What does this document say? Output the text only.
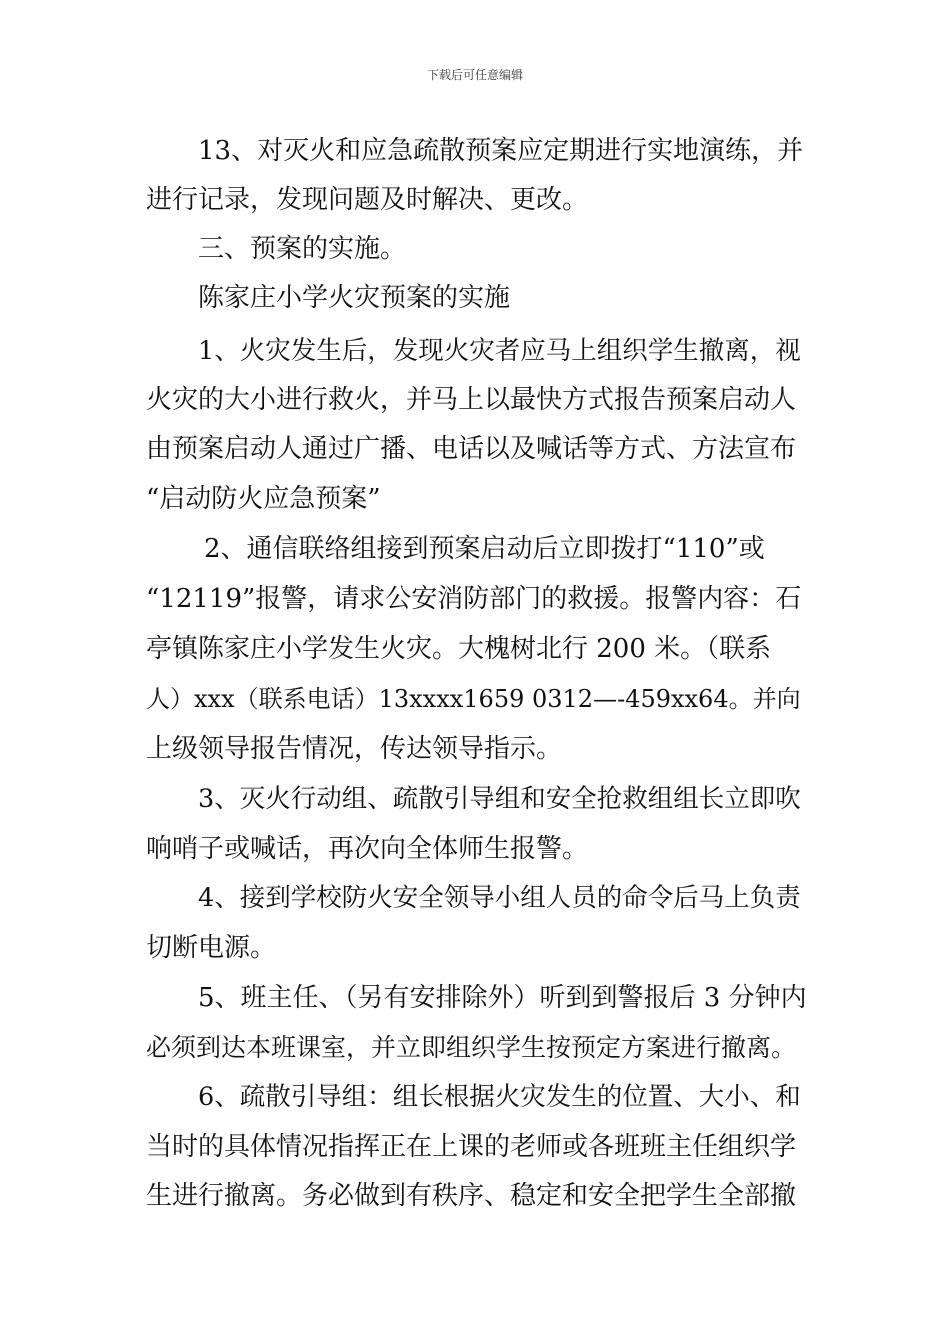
下载后可任意编辑
13、对灭火和应急疏散预案应定期进行实地演练，并
进行记录，发现问题及时解决、更改。
三、预案的实施。
陈家庄小学火灾预案的实施
1、火灾发生后，发现火灾者应马上组织学生撤离，视
火灾的大小进行救火，并马上以最快方式报告预案启动人
由预案启动人通过广播、电话以及喊话等方式、方法宣布
“启动防火应急预案”
2、通信联络组接到预案启动后立即拨打“110”或
“12119”报警，请求公安消防部门的救援。报警内容：石
亭镇陈家庄小学发生火灾。大槐树北行 200 米。（联系
人）xxx（联系电话）13xxxx1659 0312—-459xx64。并向
上级领导报告情况，传达领导指示。
3、灭火行动组、疏散引导组和安全抢救组组长立即吹
响哨子或喊话，再次向全体师生报警。
4、接到学校防火安全领导小组人员的命令后马上负责
切断电源。
5、班主任、（另有安排除外）听到到警报后 3 分钟内
必须到达本班课室，并立即组织学生按预定方案进行撤离。
6、疏散引导组：组长根据火灾发生的位置、大小、和
当时的具体情况指挥正在上课的老师或各班班主任组织学
生进行撤离。务必做到有秩序、稳定和安全把学生全部撤
